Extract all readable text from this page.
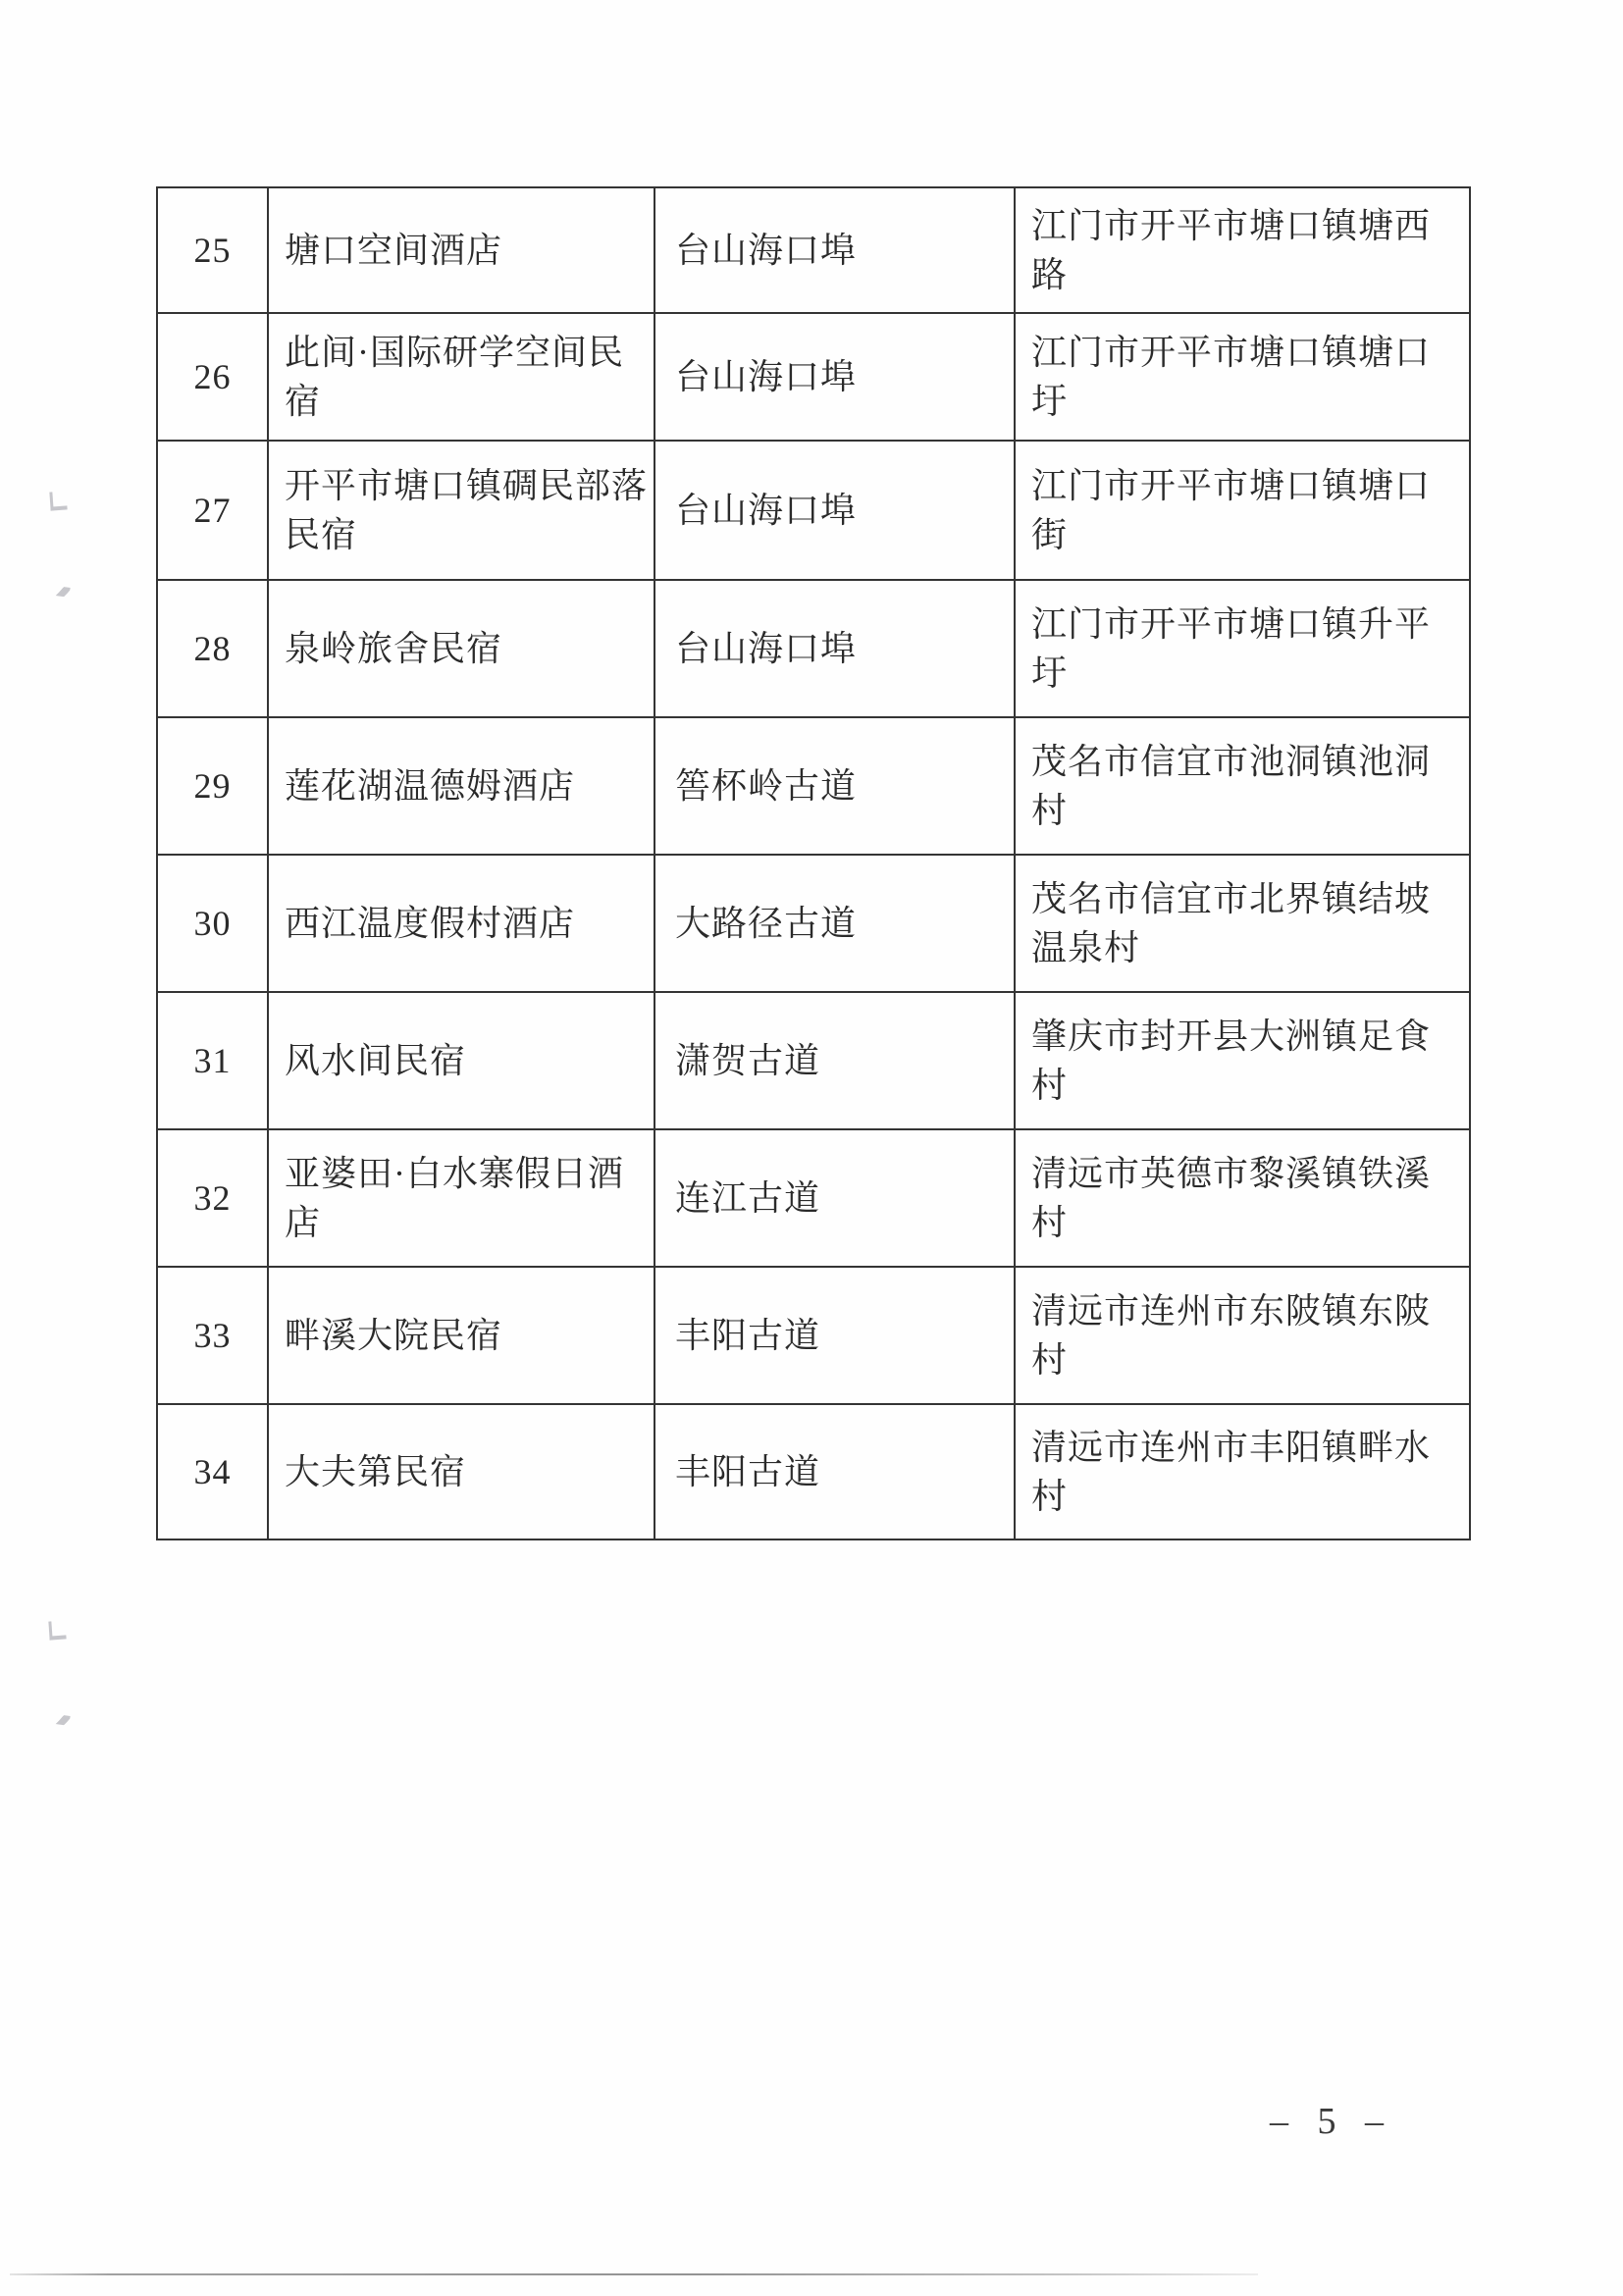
25	塘口空间酒店	台山海口埠	江门市开平市塘口镇塘西路
26	此间·国际研学空间民宿	台山海口埠	江门市开平市塘口镇塘口圩
27	开平市塘口镇碉民部落民宿	台山海口埠	江门市开平市塘口镇塘口街
28	泉岭旅舍民宿	台山海口埠	江门市开平市塘口镇升平圩
29	莲花湖温德姆酒店	筶杯岭古道	茂名市信宜市池洞镇池洞村
30	西江温度假村酒店	大路径古道	茂名市信宜市北界镇结坡温泉村
31	风水间民宿	潇贺古道	肇庆市封开县大洲镇足食村
32	亚婆田·白水寨假日酒店	连江古道	清远市英德市黎溪镇铁溪村
33	畔溪大院民宿	丰阳古道	清远市连州市东陂镇东陂村
34	大夫第民宿	丰阳古道	清远市连州市丰阳镇畔水村
– 5 –
